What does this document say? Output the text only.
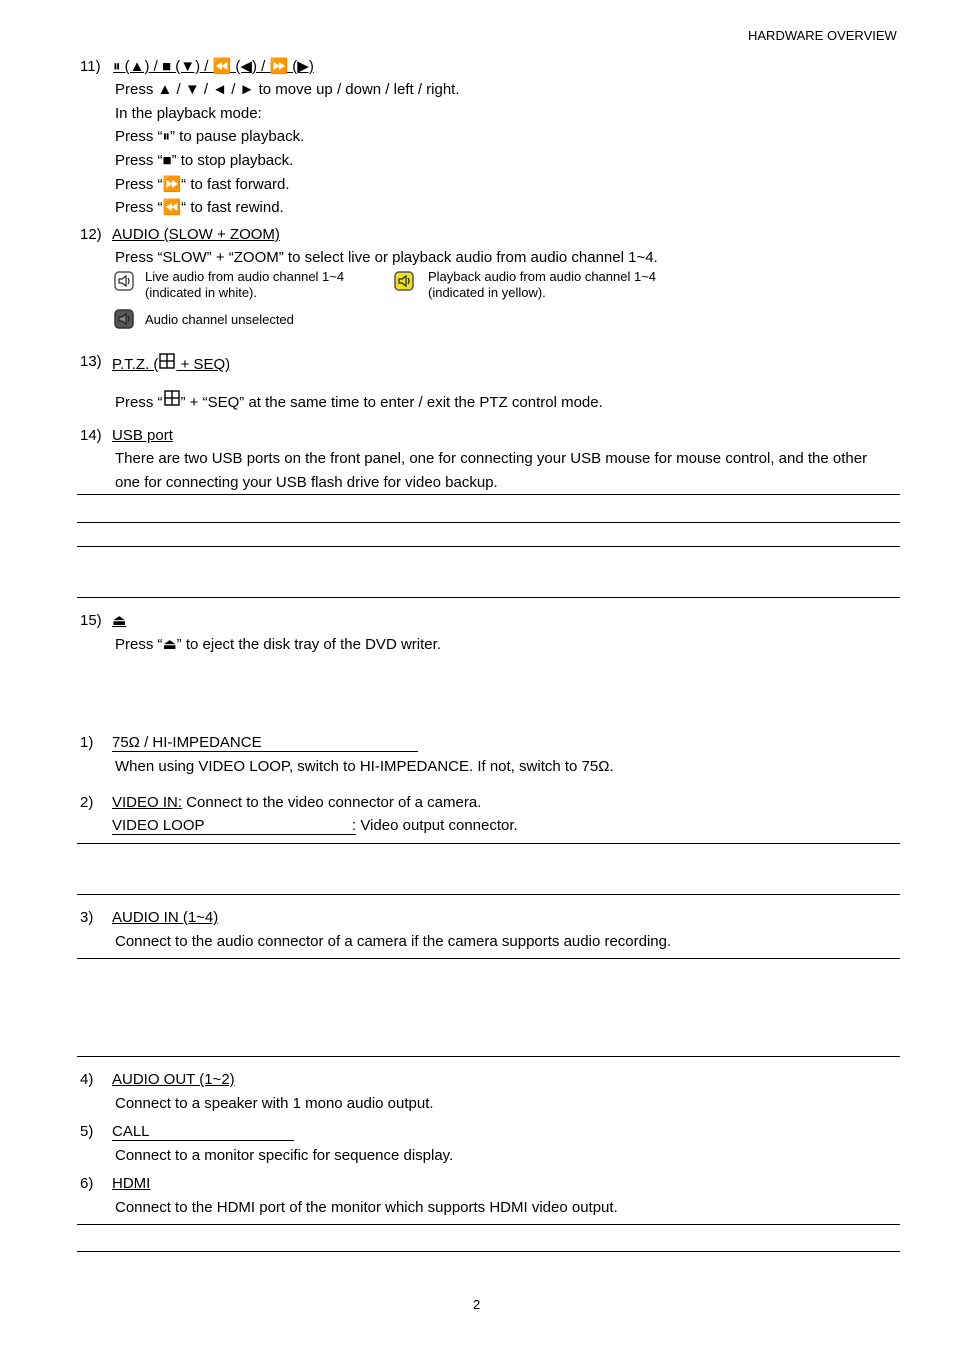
HARDWARE OVERVIEW
11) ⏸ (▲) / ■ (▼) / ⏪ (◀) / ⏩ (▶)
Press ▲ / ▼ / ◄ / ► to move up / down / left / right.
In the playback mode:
Press “⏸” to pause playback.
Press “■” to stop playback.
Press “⏩“ to fast forward.
Press “⏪“ to fast rewind.
12) AUDIO (SLOW + ZOOM)
Press “SLOW” + “ZOOM” to select live or playback audio from audio channel 1~4.
Live audio from audio channel 1~4
(indicated in white).
Playback audio from audio channel 1~4
(indicated in yellow).
Audio channel unselected
13) P.T.Z. ( + SEQ)
Press “ ” + “SEQ” at the same time to enter / exit the PTZ control mode.
14) USB port
There are two USB ports on the front panel, one for connecting your USB mouse for mouse control, and the other
one for connecting your USB flash drive for video backup.
15) ⏏
Press “⏏” to eject the disk tray of the DVD writer.
1) 75Ω / HI-IMPEDANCE
When using VIDEO LOOP, switch to HI-IMPEDANCE. If not, switch to 75Ω.
2) VIDEO IN: Connect to the video connector of a camera.
VIDEO LOOP	: Video output connector.
3) AUDIO IN (1~4)
Connect to the audio connector of a camera if the camera supports audio recording.
4) AUDIO OUT (1~2)
Connect to a speaker with 1 mono audio output.
5) CALL
Connect to a monitor specific for sequence display.
6) HDMI
Connect to the HDMI port of the monitor which supports HDMI video output.
2
